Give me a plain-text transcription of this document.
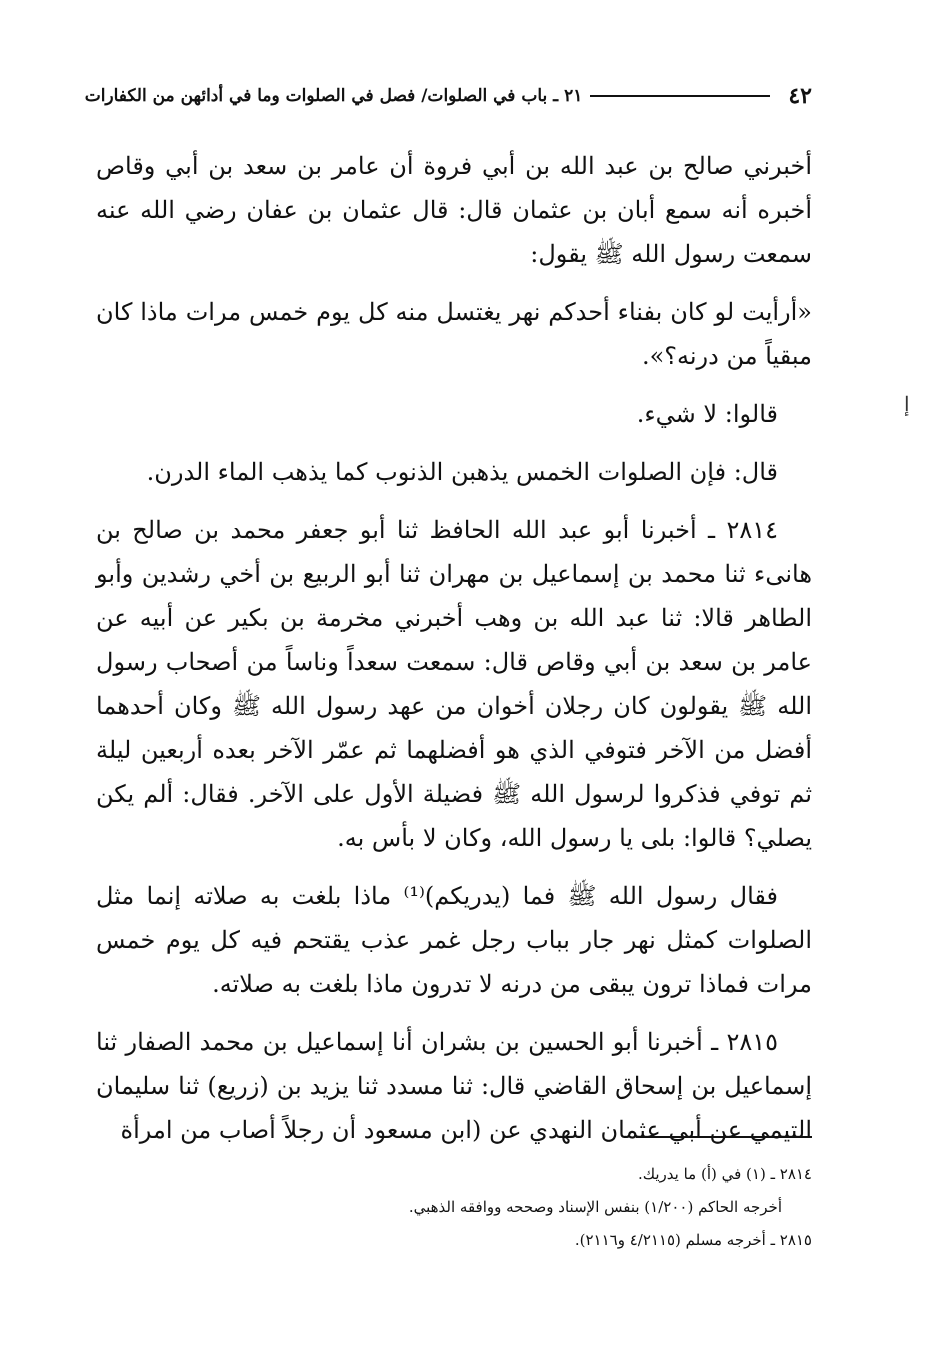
ﺇ
٤٢
٢١ ـ باب في الصلوات/ فصل في الصلوات وما في أدائهن من الكفارات

أخبرني صالح بن عبد الله بن أبي فروة أن عامر بن سعد بن أبي وقاص أخبره أنه سمع أبان بن عثمان قال: قال عثمان بن عفان رضي الله عنه سمعت رسول الله ﷺ يقول:

«أرأيت لو كان بفناء أحدكم نهر يغتسل منه كل يوم خمس مرات ماذا كان مبقياً من درنه؟».

قالوا: لا شيء.

قال: فإن الصلوات الخمس يذهبن الذنوب كما يذهب الماء الدرن.

٢٨١٤ ـ أخبرنا أبو عبد الله الحافظ ثنا أبو جعفر محمد بن صالح بن هانىء ثنا محمد بن إسماعيل بن مهران ثنا أبو الربيع بن أخي رشدين وأبو الطاهر قالا: ثنا عبد الله بن وهب أخبرني مخرمة بن بكير عن أبيه عن عامر بن سعد بن أبي وقاص قال: سمعت سعداً وناساً من أصحاب رسول الله ﷺ يقولون كان رجلان أخوان من عهد رسول الله ﷺ وكان أحدهما أفضل من الآخر فتوفي الذي هو أفضلهما ثم عمّر الآخر بعده أربعين ليلة ثم توفي فذكروا لرسول الله ﷺ فضيلة الأول على الآخر. فقال: ألم يكن يصلي؟ قالوا: بلى يا رسول الله، وكان لا بأس به.

فقال رسول الله ﷺ فما (يدريكم)⁽¹⁾ ماذا بلغت به صلاته إنما مثل الصلوات كمثل نهر جار بباب رجل غمر عذب يقتحم فيه كل يوم خمس مرات فماذا ترون يبقى من درنه لا تدرون ماذا بلغت به صلاته.

٢٨١٥ ـ أخبرنا أبو الحسين بن بشران أنا إسماعيل بن محمد الصفار ثنا إسماعيل بن إسحاق القاضي قال: ثنا مسدد ثنا يزيد بن (زريع) ثنا سليمان التيمي عن أبي عثمان النهدي عن (ابن مسعود أن رجلاً أصاب من امرأة

٢٨١٤ ـ (١) في (أ) ما يدريك.
أخرجه الحاكم (١/٢٠٠) بنفس الإسناد وصححه ووافقه الذهبي.
٢٨١٥ ـ أخرجه مسلم (٤/٢١١٥ و٢١١٦).
